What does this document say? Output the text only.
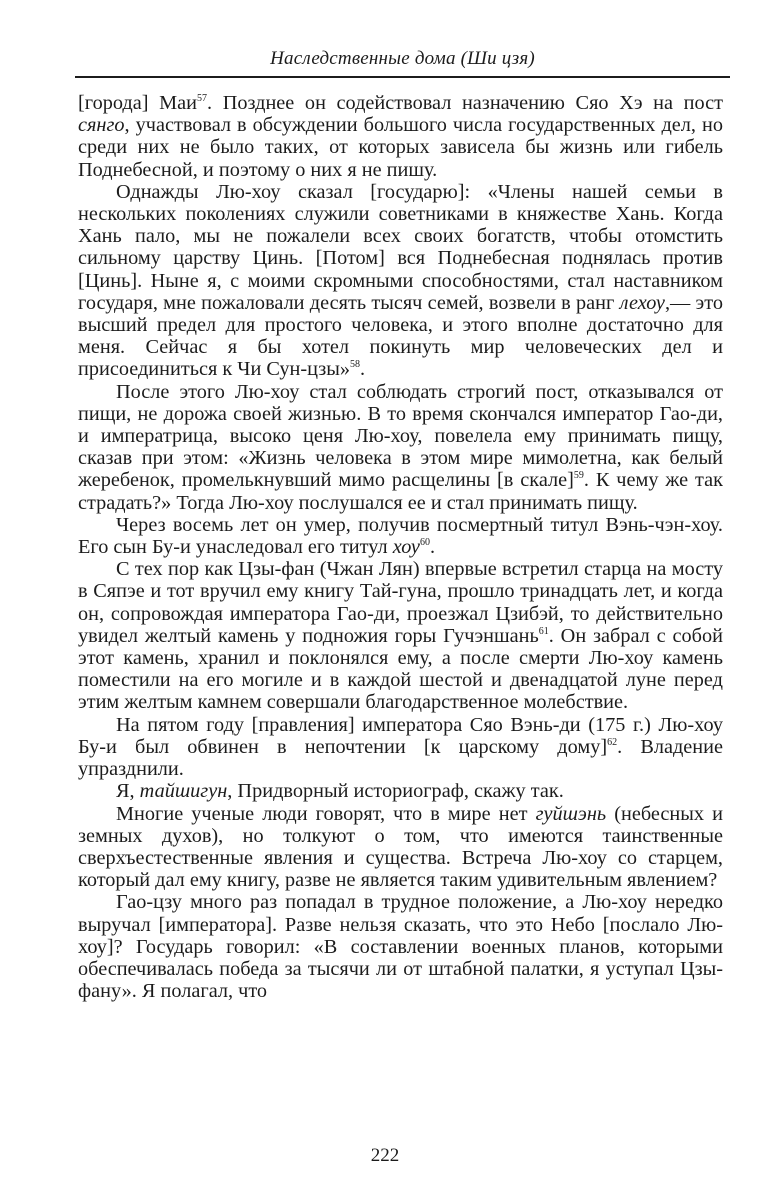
Наследственные дома (Ши цзя)

[города] Маи$^{57}$. Позднее он содействовал назначению Сяо Хэ на пост сянго, участвовал в обсуждении большого числа государственных дел, но среди них не было таких, от которых зависела бы жизнь или гибель Поднебесной, и поэтому о них я не пишу.

Однажды Лю-хоу сказал [государю]: «Члены нашей семьи в нескольких поколениях служили советниками в княжестве Хань. Когда Хань пало, мы не пожалели всех своих богатств, чтобы отомстить сильному царству Цинь. [Потом] вся Поднебесная поднялась против [Цинь]. Ныне я, с моими скромными способностями, стал наставником государя, мне пожаловали десять тысяч семей, возвели в ранг лехоу,— это высший предел для простого человека, и этого вполне достаточно для меня. Сейчас я бы хотел покинуть мир человеческих дел и присоединиться к Чи Сун-цзы»$^{58}$.

После этого Лю-хоу стал соблюдать строгий пост, отказывался от пищи, не дорожа своей жизнью. В то время скончался император Гао-ди, и императрица, высоко ценя Лю-хоу, повелела ему принимать пищу, сказав при этом: «Жизнь человека в этом мире мимолетна, как белый жеребенок, промелькнувший мимо расщелины [в скале]$^{59}$. К чему же так страдать?» Тогда Лю-хоу послушался ее и стал принимать пищу.

Через восемь лет он умер, получив посмертный титул Вэнь-чэн-хоу. Его сын Бу-и унаследовал его титул хоу$^{60}$.

С тех пор как Цзы-фан (Чжан Лян) впервые встретил старца на мосту в Сяпэе и тот вручил ему книгу Тай-гуна, прошло тринадцать лет, и когда он, сопровождая императора Гао-ди, проезжал Цзибэй, то действительно увидел желтый камень у подножия горы Гучэншань$^{61}$. Он забрал с собой этот камень, хранил и поклонялся ему, а после смерти Лю-хоу камень поместили на его могиле и в каждой шестой и двенадцатой луне перед этим желтым камнем совершали благодарственное молебствие.

На пятом году [правления] императора Сяо Вэнь-ди (175 г.) Лю-хоу Бу-и был обвинен в непочтении [к царскому дому]$^{62}$. Владение упразднили.

Я, тайшигун, Придворный историограф, скажу так.

Многие ученые люди говорят, что в мире нет гуйшэнь (небесных и земных духов), но толкуют о том, что имеются таинственные сверхъестественные явления и существа. Встреча Лю-хоу со старцем, который дал ему книгу, разве не является таким удивительным явлением?

Гао-цзу много раз попадал в трудное положение, а Лю-хоу нередко выручал [императора]. Разве нельзя сказать, что это Небо [послало Лю-хоу]? Государь говорил: «В составлении военных планов, которыми обеспечивалась победа за тысячи ли от штабной палатки, я уступал Цзы-фану». Я полагал, что

222
